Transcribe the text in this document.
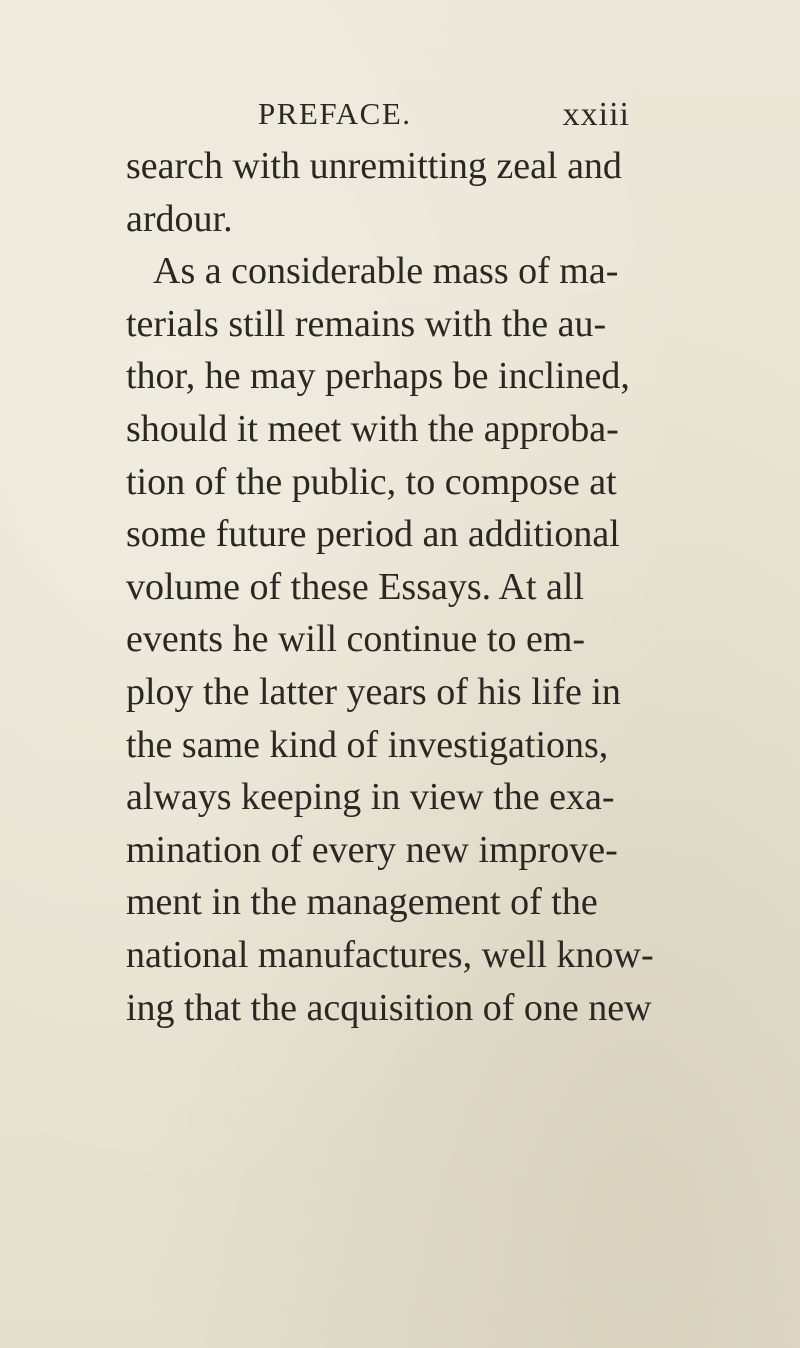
PREFACE.	xxiii
search with unremitting zeal and
ardour.
As a considerable mass of ma-
terials still remains with the au-
thor, he may perhaps be inclined,
should it meet with the approba-
tion of the public, to compose at
some future period an additional
volume of these Essays. At all
events he will continue to em-
ploy the latter years of his life in
the same kind of investigations,
always keeping in view the exa-
mination of every new improve-
ment in the management of the
national manufactures, well know-
ing that the acquisition of one new
